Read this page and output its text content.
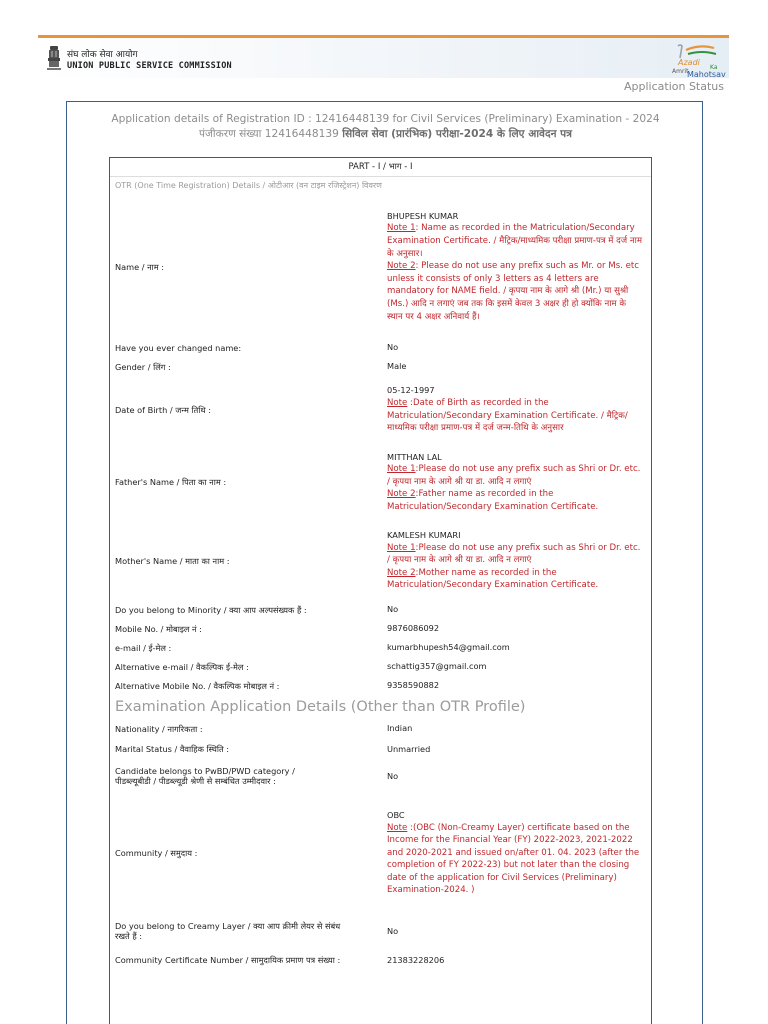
संघ लोक सेवा आयोग
UNION PUBLIC SERVICE COMMISSION	Azadi
Ka
Amrit
Mahotsav
Application Status
Application details of Registration ID : 12416448139 for Civil Services (Preliminary) Examination - 2024
पंजीकरण संख्या 12416448139 सिविल सेवा (प्रारंभिक) परीक्षा-2024 के लिए आवेदन पत्र
PART - I / भाग - I
OTR (One Time Registration) Details / ओटीआर (वन टाइम रजिस्ट्रेशन) विवरण
Name / नाम :
BHUPESH KUMAR
Note 1: Name as recorded in the Matriculation/Secondary Examination Certificate. / मैट्रिक/माध्यमिक परीक्षा प्रमाण-पत्र में दर्ज नाम के अनुसार।
Note 2: Please do not use any prefix such as Mr. or Ms. etc unless it consists of only 3 letters as 4 letters are mandatory for NAME field. / कृपया नाम के आगे श्री (Mr.) या सुश्री (Ms.) आदि न लगाएं जब तक कि इसमें केवल 3 अक्षर ही हो क्योंकि नाम के स्थान पर 4 अक्षर अनिवार्य हैं।
Have you ever changed name:	No
Gender / लिंग :	Male
Date of Birth / जन्म तिथि :
05-12-1997
Note :Date of Birth as recorded in the Matriculation/Secondary Examination Certificate. / मैट्रिक/माध्यमिक परीक्षा प्रमाण-पत्र में दर्ज जन्म-तिथि के अनुसार
Father's Name / पिता का नाम :
MITTHAN LAL
Note 1:Please do not use any prefix such as Shri or Dr. etc. / कृपया नाम के आगे श्री या डा. आदि न लगाएं
Note 2:Father name as recorded in the Matriculation/Secondary Examination Certificate.
Mother's Name / माता का नाम :
KAMLESH KUMARI
Note 1:Please do not use any prefix such as Shri or Dr. etc. / कृपया नाम के आगे श्री या डा. आदि न लगाएं
Note 2:Mother name as recorded in the Matriculation/Secondary Examination Certificate.
Do you belong to Minority / क्या आप अल्पसंख्यक हैं :	No
Mobile No. / मोबाइल नं :	9876086092
e-mail / ई-मेल :	kumarbhupesh54@gmail.com
Alternative e-mail / वैकल्पिक ई-मेल :	schattig357@gmail.com
Alternative Mobile No. / वैकल्पिक मोबाइल नं :	9358590882
Examination Application Details (Other than OTR Profile)
Nationality / नागरिकता :	Indian
Marital Status / वैवाहिक स्थिति :	Unmarried
Candidate belongs to PwBD/PWD category /
पीडब्ल्यूबीडी / पीडब्ल्यूडी श्रेणी से सम्बंधित उम्मीदवार :
No
Community / समुदाय :
OBC
Note :(OBC (Non-Creamy Layer) certificate based on the Income for the Financial Year (FY) 2022-2023, 2021-2022 and 2020-2021 and issued on/after 01. 04. 2023 (after the completion of FY 2022-23) but not later than the closing date of the application for Civil Services (Preliminary) Examination-2024. )
Do you belong to Creamy Layer / क्या आप क्रीमी लेयर से संबंध
रखते हैं :
No
Community Certificate Number / सामुदायिक प्रमाण पत्र संख्या :	21383228206
